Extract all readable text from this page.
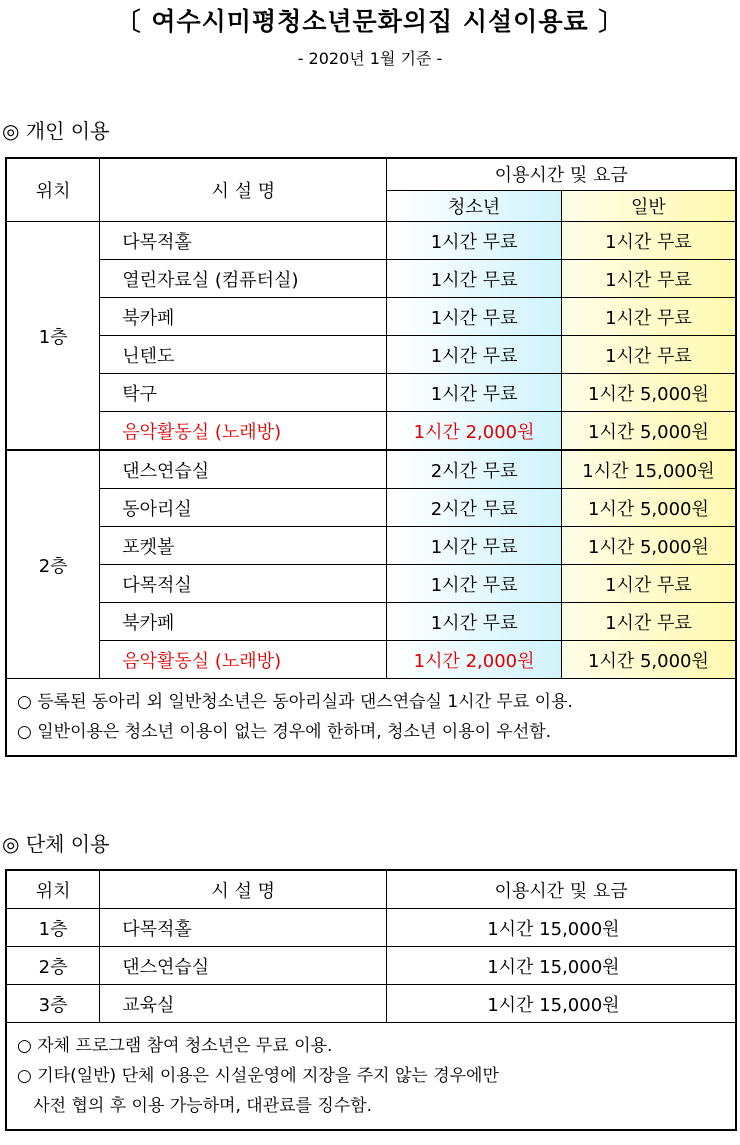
〔 여수시미평청소년문화의집 시설이용료 〕
- 2020년 1월 기준 -
◎ 개인 이용
위치	시 설 명	이용시간 및 요금	
		청소년	일반
1층	다목적홀	1시간 무료	1시간 무료
	열린자료실 (컴퓨터실)	1시간 무료	1시간 무료
	북카페	1시간 무료	1시간 무료
	닌텐도	1시간 무료	1시간 무료
	탁구	1시간 무료	1시간 5,000원
	음악활동실 (노래방)	1시간 2,000원	1시간 5,000원
2층	댄스연습실	2시간 무료	1시간 15,000원
	동아리실	2시간 무료	1시간 5,000원
	포켓볼	1시간 무료	1시간 5,000원
	다목적실	1시간 무료	1시간 무료
	북카페	1시간 무료	1시간 무료
	음악활동실 (노래방)	1시간 2,000원	1시간 5,000원

○ 등록된 동아리 외 일반청소년은 동아리실과 댄스연습실 1시간 무료 이용.
○ 일반이용은 청소년 이용이 없는 경우에 한하며, 청소년 이용이 우선함.			
◎ 단체 이용
위치	시 설 명	이용시간 및 요금
1층	다목적홀	1시간 15,000원
2층	댄스연습실	1시간 15,000원
3층	교육실	1시간 15,000원

○ 자체 프로그램 참여 청소년은 무료 이용.
○ 기타(일반) 단체 이용은 시설운영에 지장을 주지 않는 경우에만
사전 협의 후 이용 가능하며, 대관료를 징수함.		
